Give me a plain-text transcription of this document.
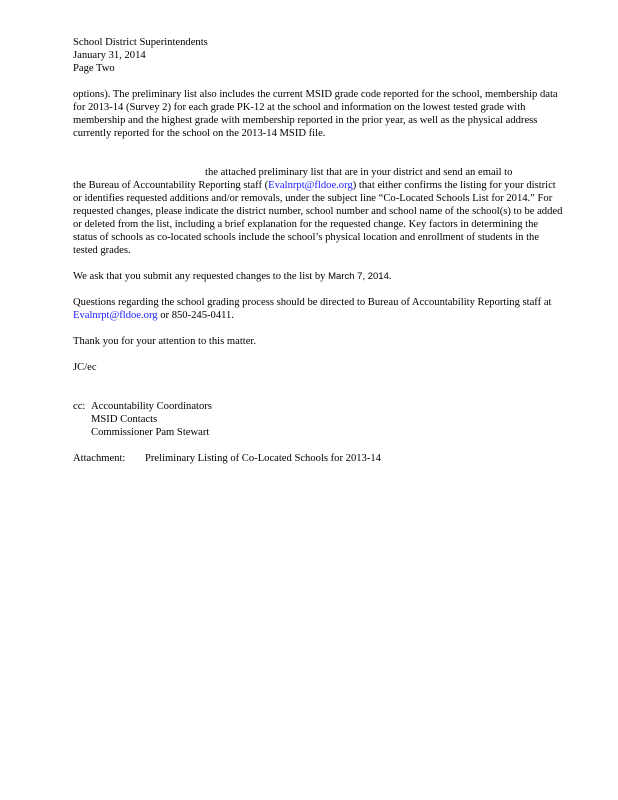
School District Superintendents
January 31, 2014
Page Two

options). The preliminary list also includes the current MSID grade code reported for the school, membership data for 2013-14 (Survey 2) for each grade PK-12 at the school and information on the lowest tested grade with membership and the highest grade with membership reported in the prior year, as well as the physical address currently reported for the school on the 2013-14 MSID file.

the attached preliminary list that are in your district and send an email to
the Bureau of Accountability Reporting staff (Evalnrpt@fldoe.org) that either confirms the listing for your district or identifies requested additions and/or removals, under the subject line “Co-Located Schools List for 2014.” For requested changes, please indicate the district number, school number and school name of the school(s) to be added or deleted from the list, including a brief explanation for the requested change. Key factors in determining the status of schools as co-located schools include the school’s physical location and enrollment of students in the tested grades.

We ask that you submit any requested changes to the list by March 7, 2014.

Questions regarding the school grading process should be directed to Bureau of Accountability Reporting staff at Evalnrpt@fldoe.org or 850-245-0411.

Thank you for your attention to this matter.

JC/ec

cc: Accountability Coordinators
MSID Contacts
Commissioner Pam Stewart
Attachment:	Preliminary Listing of Co-Located Schools for 2013-14
